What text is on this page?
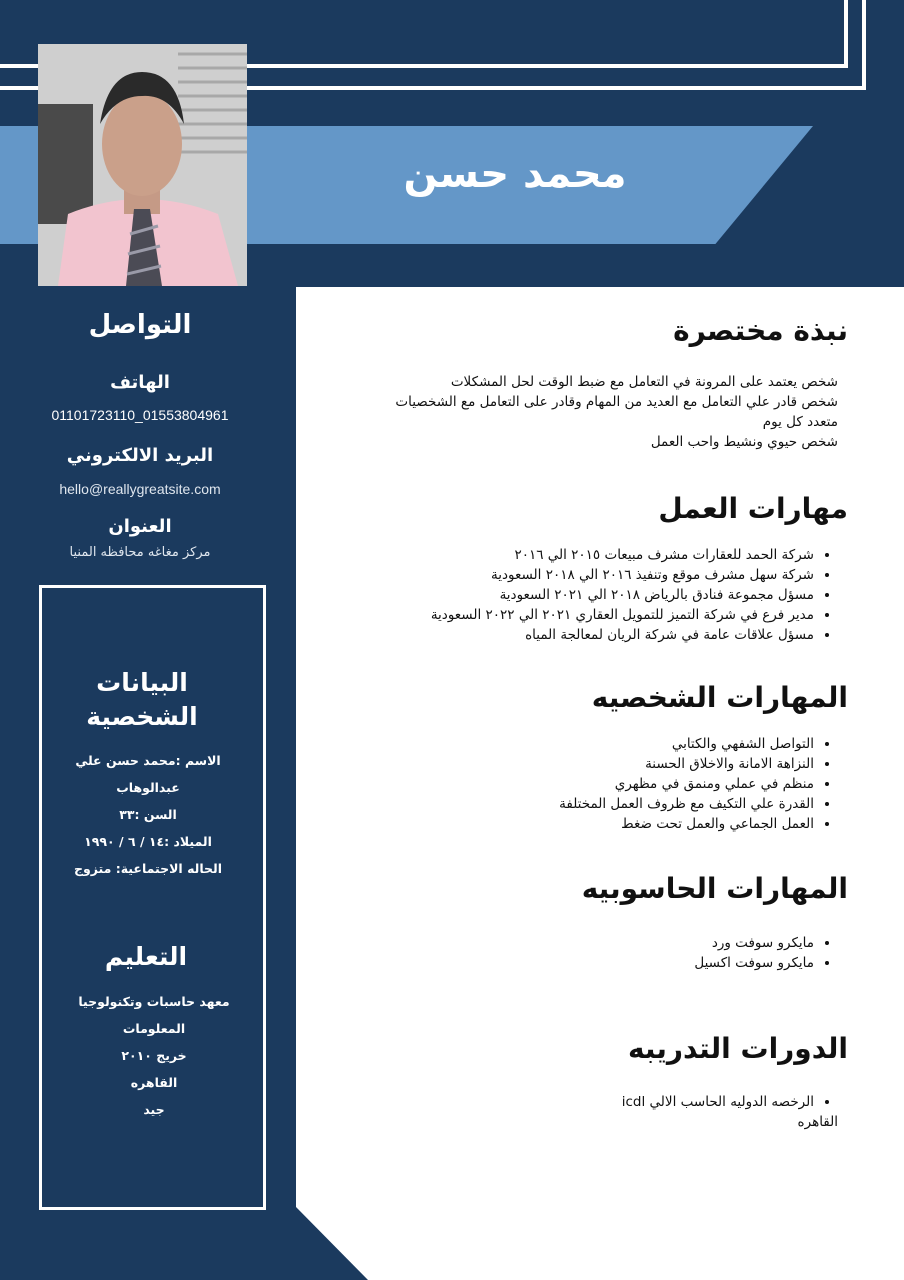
محمد حسن
التواصل
الهاتف
01101723110_01553804961
البريد الالكتروني
hello@reallygreatsite.com
العنوان
مركز مغاغه محافظه المنيا
البيانات
الشخصية
الاسم :محمد حسن علي
عبدالوهاب
السن :٣٣
الميلاد :١٤ / ٦ / ١٩٩٠
الحاله الاجتماعية: متزوج
التعليم
معهد حاسبات وتكنولوجيا
المعلومات
خريج ٢٠١٠
القاهره
جيد
نبذة مختصرة
شخص يعتمد على المرونة في التعامل مع ضبط الوقت لحل المشكلات
شخص قادر علي التعامل مع العديد من المهام وقادر على التعامل مع الشخصيات
متعدد كل يوم
شخص حيوي ونشيط واحب العمل
مهارات العمل
• شركة الحمد للعقارات مشرف مبيعات ٢٠١٥ الي ٢٠١٦
• شركة سهل مشرف موقع وتنفيذ ٢٠١٦ الي ٢٠١٨ السعودية
• مسؤل مجموعة فنادق بالرياض ٢٠١٨ الي ٢٠٢١ السعودية
• مدير فرع في شركة التميز للتمويل العقاري ٢٠٢١ الي ٢٠٢٢ السعودية
• مسؤل علاقات عامة في شركة الريان لمعالجة المياه
المهارات الشخصيه
• التواصل الشفهي والكتابي
• النزاهة الامانة والاخلاق الحسنة
• منظم في عملي ومنمق في مظهري
• القدرة علي التكيف مع ظروف العمل المختلفة
• العمل الجماعي والعمل تحت ضغط
المهارات الحاسوبيه
• مايكرو سوفت ورد
• مايكرو سوفت اكسيل
الدورات التدريبه
• الرخصه الدوليه الحاسب الالي icdl
القاهره
